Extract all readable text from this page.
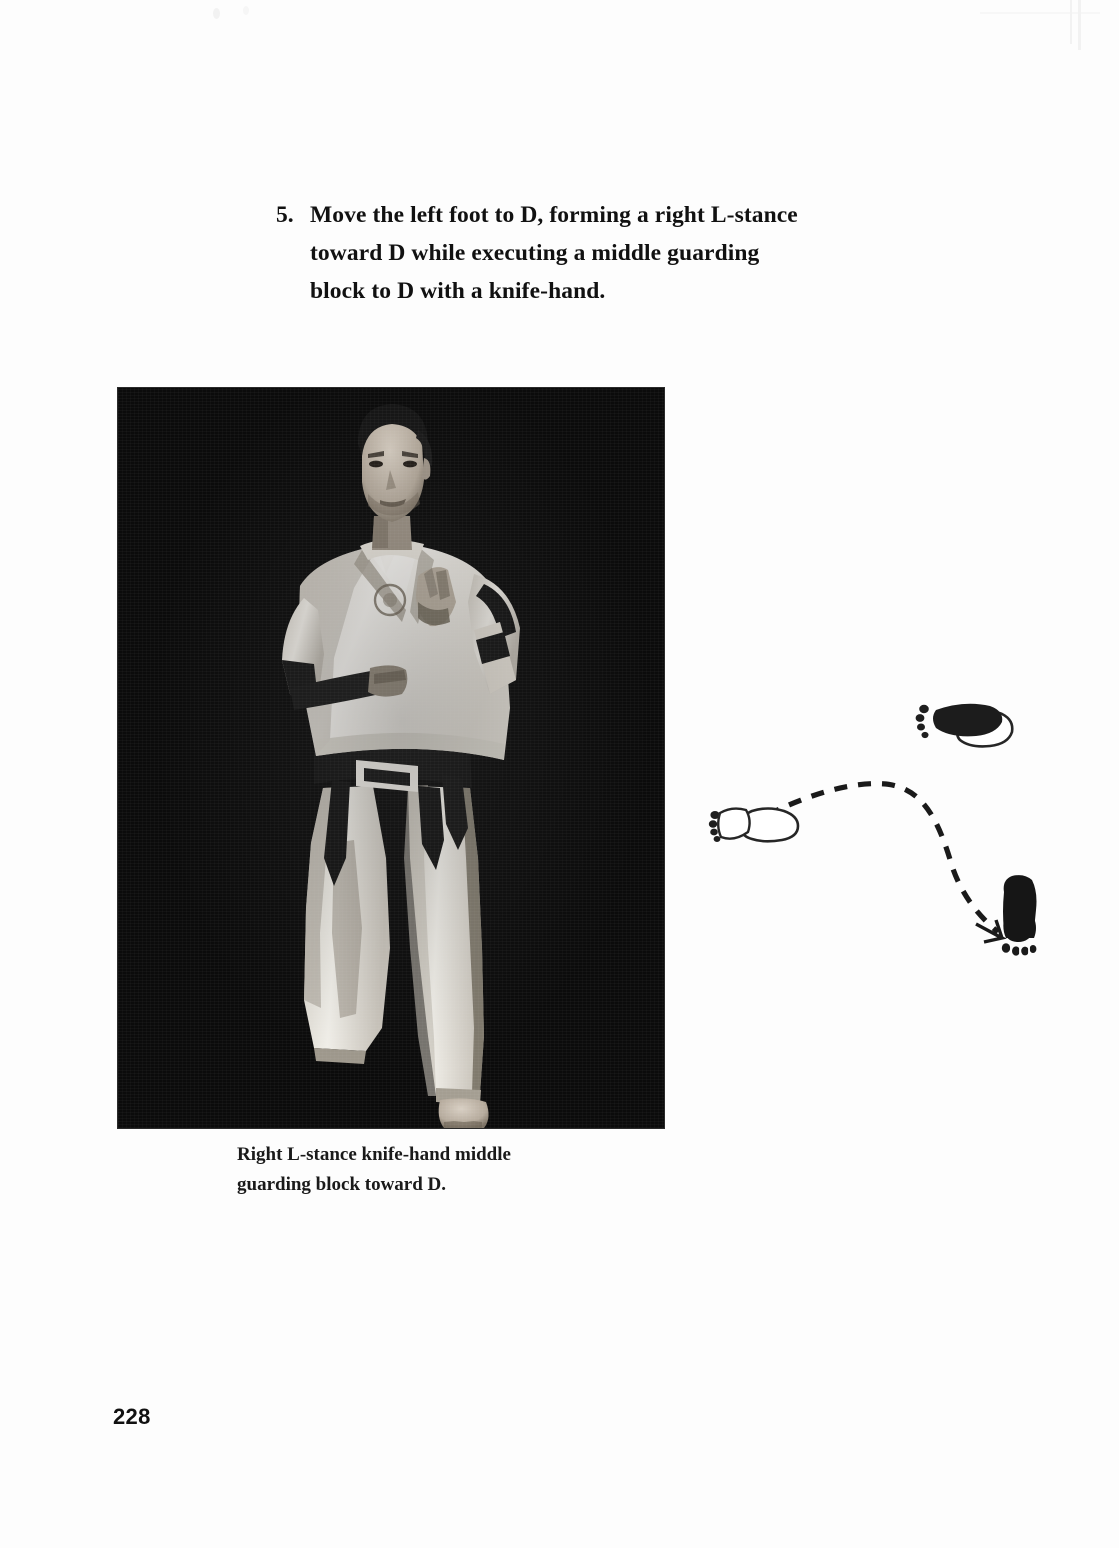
5. Move the left foot to D, forming a right L-stance
toward D while executing a middle guarding
block to D with a knife-hand.
Right L-stance knife-hand middle
guarding block toward D.
228
